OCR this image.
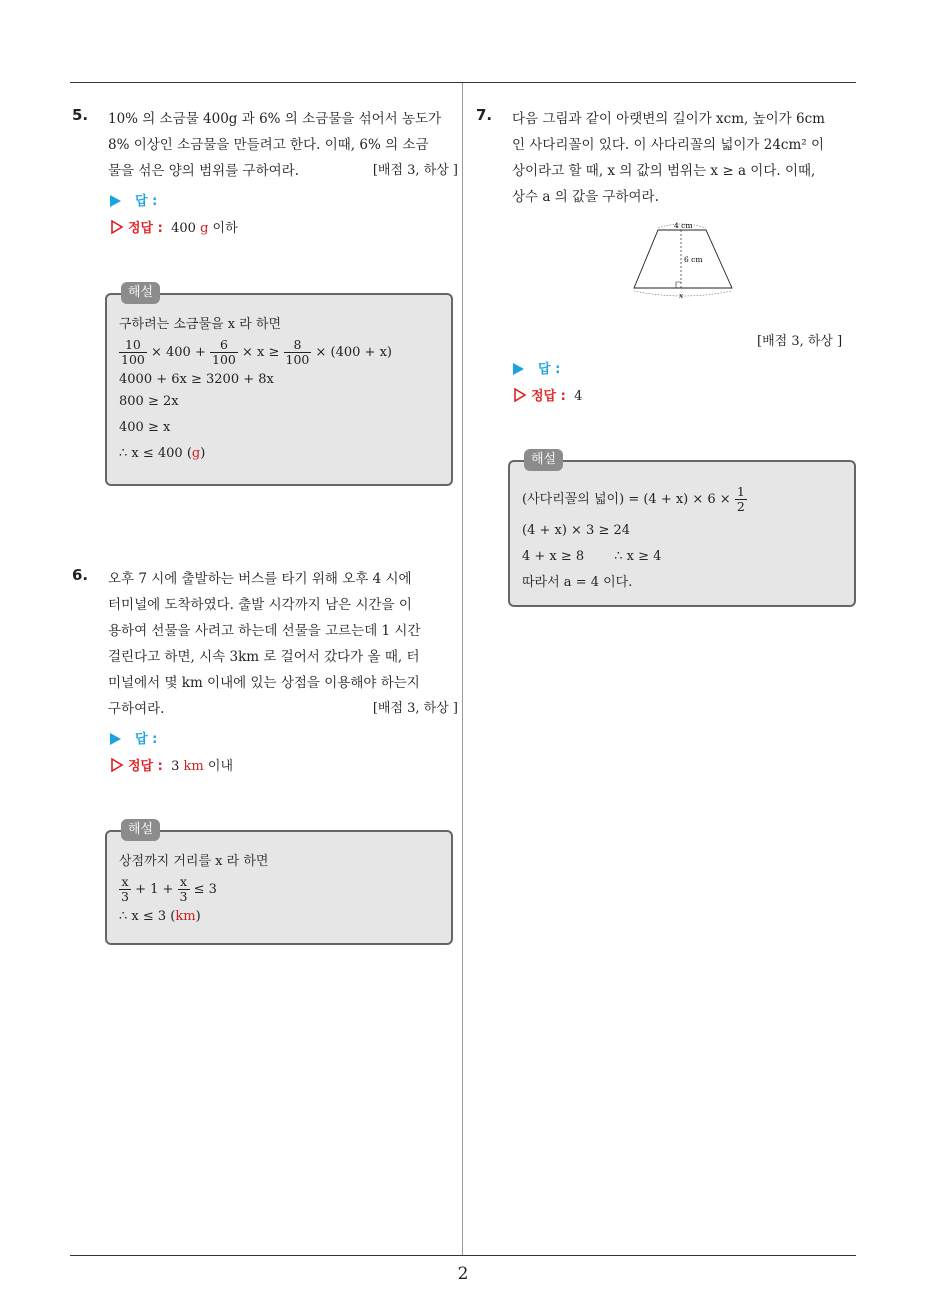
2
5. 10% 의 소금물 400g 과 6% 의 소금물을 섞어서 농도가
8% 이상인 소금물을 만들려고 한다. 이때, 6% 의 소금
물을 섞은 양의 범위를 구하여라.	[배점 3, 하상 ]
답 :
정답 : 400 g 이하
해설
구하려는 소금물을 x 라 하면
$\frac{10}{100} \times 400 + \frac{6}{100} \times x \ge \frac{8}{100} \times (400 + x)$
4000 + 6x ≥ 3200 + 8x
800 ≥ 2x
400 ≥ x
∴ x ≤ 400 (g)
6. 오후 7 시에 출발하는 버스를 타기 위해 오후 4 시에
터미널에 도착하였다. 출발 시각까지 남은 시간을 이
용하여 선물을 사려고 하는데 선물을 고르는데 1 시간
걸린다고 하면, 시속 3km 로 걸어서 갔다가 올 때, 터
미널에서 몇 km 이내에 있는 상점을 이용해야 하는지
구하여라.	[배점 3, 하상 ]
답 :
정답 : 3 km 이내
해설
상점까지 거리를 x 라 하면
$\frac{x}{3} + 1 + \frac{x}{3} \le 3$
∴ x ≤ 3 (km)
7. 다음 그림과 같이 아랫변의 길이가 xcm, 높이가 6cm
인 사다리꼴이 있다. 이 사다리꼴의 넓이가 24cm² 이
상이라고 할 때, x 의 값의 범위는 x ≥ a 이다. 이때,
상수 a 의 값을 구하여라.
4 cm
6 cm
x
[배점 3, 하상 ]
답 :
정답 : 4
해설
(사다리꼴의 넓이) = $(4 + x) \times 6 \times \frac{1}{2}$
(4 + x) × 3 ≥ 24
4 + x ≥ 8 ∴ x ≥ 4
따라서 a = 4 이다.
